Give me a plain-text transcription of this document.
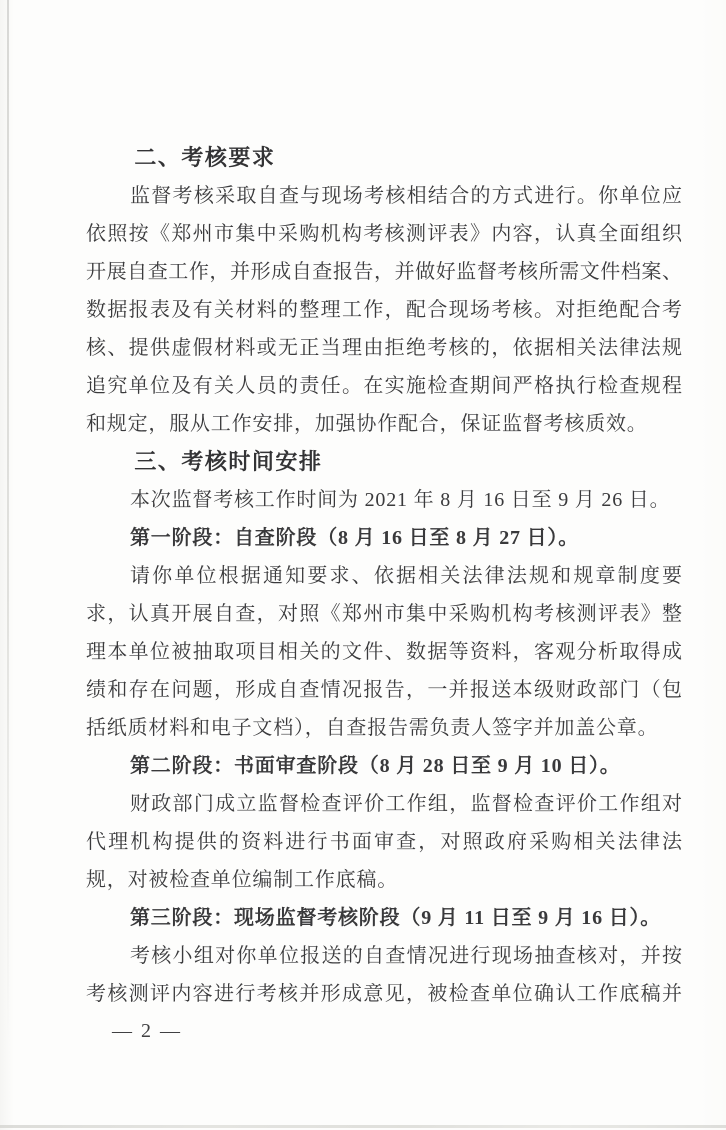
二、考核要求
监督考核采取自查与现场考核相结合的方式进行。你单位应
依照按《郑州市集中采购机构考核测评表》内容，认真全面组织
开展自查工作，并形成自查报告，并做好监督考核所需文件档案、
数据报表及有关材料的整理工作，配合现场考核。对拒绝配合考
核、提供虚假材料或无正当理由拒绝考核的，依据相关法律法规
追究单位及有关人员的责任。在实施检查期间严格执行检查规程
和规定，服从工作安排，加强协作配合，保证监督考核质效。
三、考核时间安排
本次监督考核工作时间为 2021 年 8 月 16 日至 9 月 26 日。
第一阶段：自查阶段（8 月 16 日至 8 月 27 日）。
请你单位根据通知要求、依据相关法律法规和规章制度要
求，认真开展自查，对照《郑州市集中采购机构考核测评表》整
理本单位被抽取项目相关的文件、数据等资料，客观分析取得成
绩和存在问题，形成自查情况报告，一并报送本级财政部门（包
括纸质材料和电子文档），自查报告需负责人签字并加盖公章。
第二阶段：书面审查阶段（8 月 28 日至 9 月 10 日）。
财政部门成立监督检查评价工作组，监督检查评价工作组对
代理机构提供的资料进行书面审查，对照政府采购相关法律法
规，对被检查单位编制工作底稿。
第三阶段：现场监督考核阶段（9 月 11 日至 9 月 16 日）。
考核小组对你单位报送的自查情况进行现场抽查核对，并按
考核测评内容进行考核并形成意见，被检查单位确认工作底稿并
— 2 —
